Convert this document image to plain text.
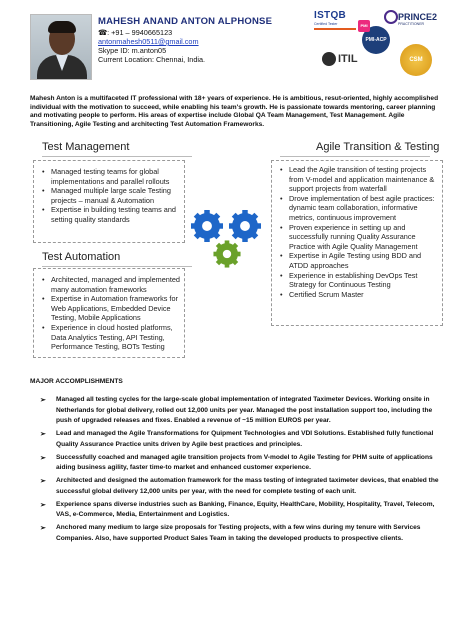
MAHESH ANAND ANTON ALPHONSE
☎: +91 – 9940665123
antonmahesh0511@gmail.com
Skype ID: m.anton05
Current Location: Chennai, India.
ISTQB
Certified Tester	PMI
PMI-ACP
PRINCE2
PRACTITIONER
ITIL	CSM
Mahesh Anton is a multifaceted IT professional with 18+ years of experience. He is ambitious, resut-oriented, highly accomplished individual with the motivation to succeed, while enabling his team's growth. He is passionate towards mentoring, career planning and motivating people to perform. His areas of expertise include Global QA Team Management, Test Management. Agile Transitioning, Agile Testing and architecting Test Automation Frameworks.
Test Management
• Managed testing teams for global implementations and parallel rollouts
• Managed multiple large scale Testing projects – manual & Automation
• Expertise in building testing teams and setting quality standards
Test Automation
• Architected, managed and implemented many automation frameworks
• Expertise in Automation frameworks for Web Applications, Embedded Device Testing, Mobile Applications
• Experience in cloud hosted platforms, Data Analytics Testing, API Testing, Performance Testing, BOTs Testing
Agile Transition & Testing
• Lead the Agile transition of testing projects from V-model and application maintenance & support projects from waterfall
• Drove implementation of best agile practices: dynamic team collaboration, informative metrics, continuous improvement
• Proven experience in setting up and successfully running Quality Assurance Practice with Agile Quality Management
• Expertise in Agile Testing using BDD and ATDD approaches
• Experience in establishing DevOps Test Strategy for Continuous Testing
• Certified Scrum Master
MAJOR ACCOMPLISHMENTS
➢ Managed all testing cycles for the large-scale global implementation of integrated Taximeter Devices. Working onsite in Netherlands for global delivery, rolled out 12,000 units per year. Managed the post installation support too, including the push of upgraded releases and fixes. Enabled a revenue of ~15 million EUROS per year.
➢ Lead and managed the Agile Transformations for Quipment Technologies and VDI Solutions. Established fully functional Quality Assurance Practice units driven by Agile best practices and principles.
➢ Successfully coached and managed agile transition projects from V-model to Agile Testing for PHM suite of applications aiding business agility, faster time-to market and enhanced customer experience.
➢ Architected and designed the automation framework for the mass testing of integrated taximeter devices, that enabled the successful global delivery 12,000 units per year, with the need for complete testing of each unit.
➢ Experience spans diverse industries such as Banking, Finance, Equity, HealthCare, Mobility, Hospitality, Travel, Telecom, VAS, e-Commerce, Media, Entertainment and Logistics.
➢ Anchored many medium to large size proposals for Testing projects, with a few wins during my tenure with Services Companies. Also, have supported Product Sales Team in taking the developed products to prospective clients.
